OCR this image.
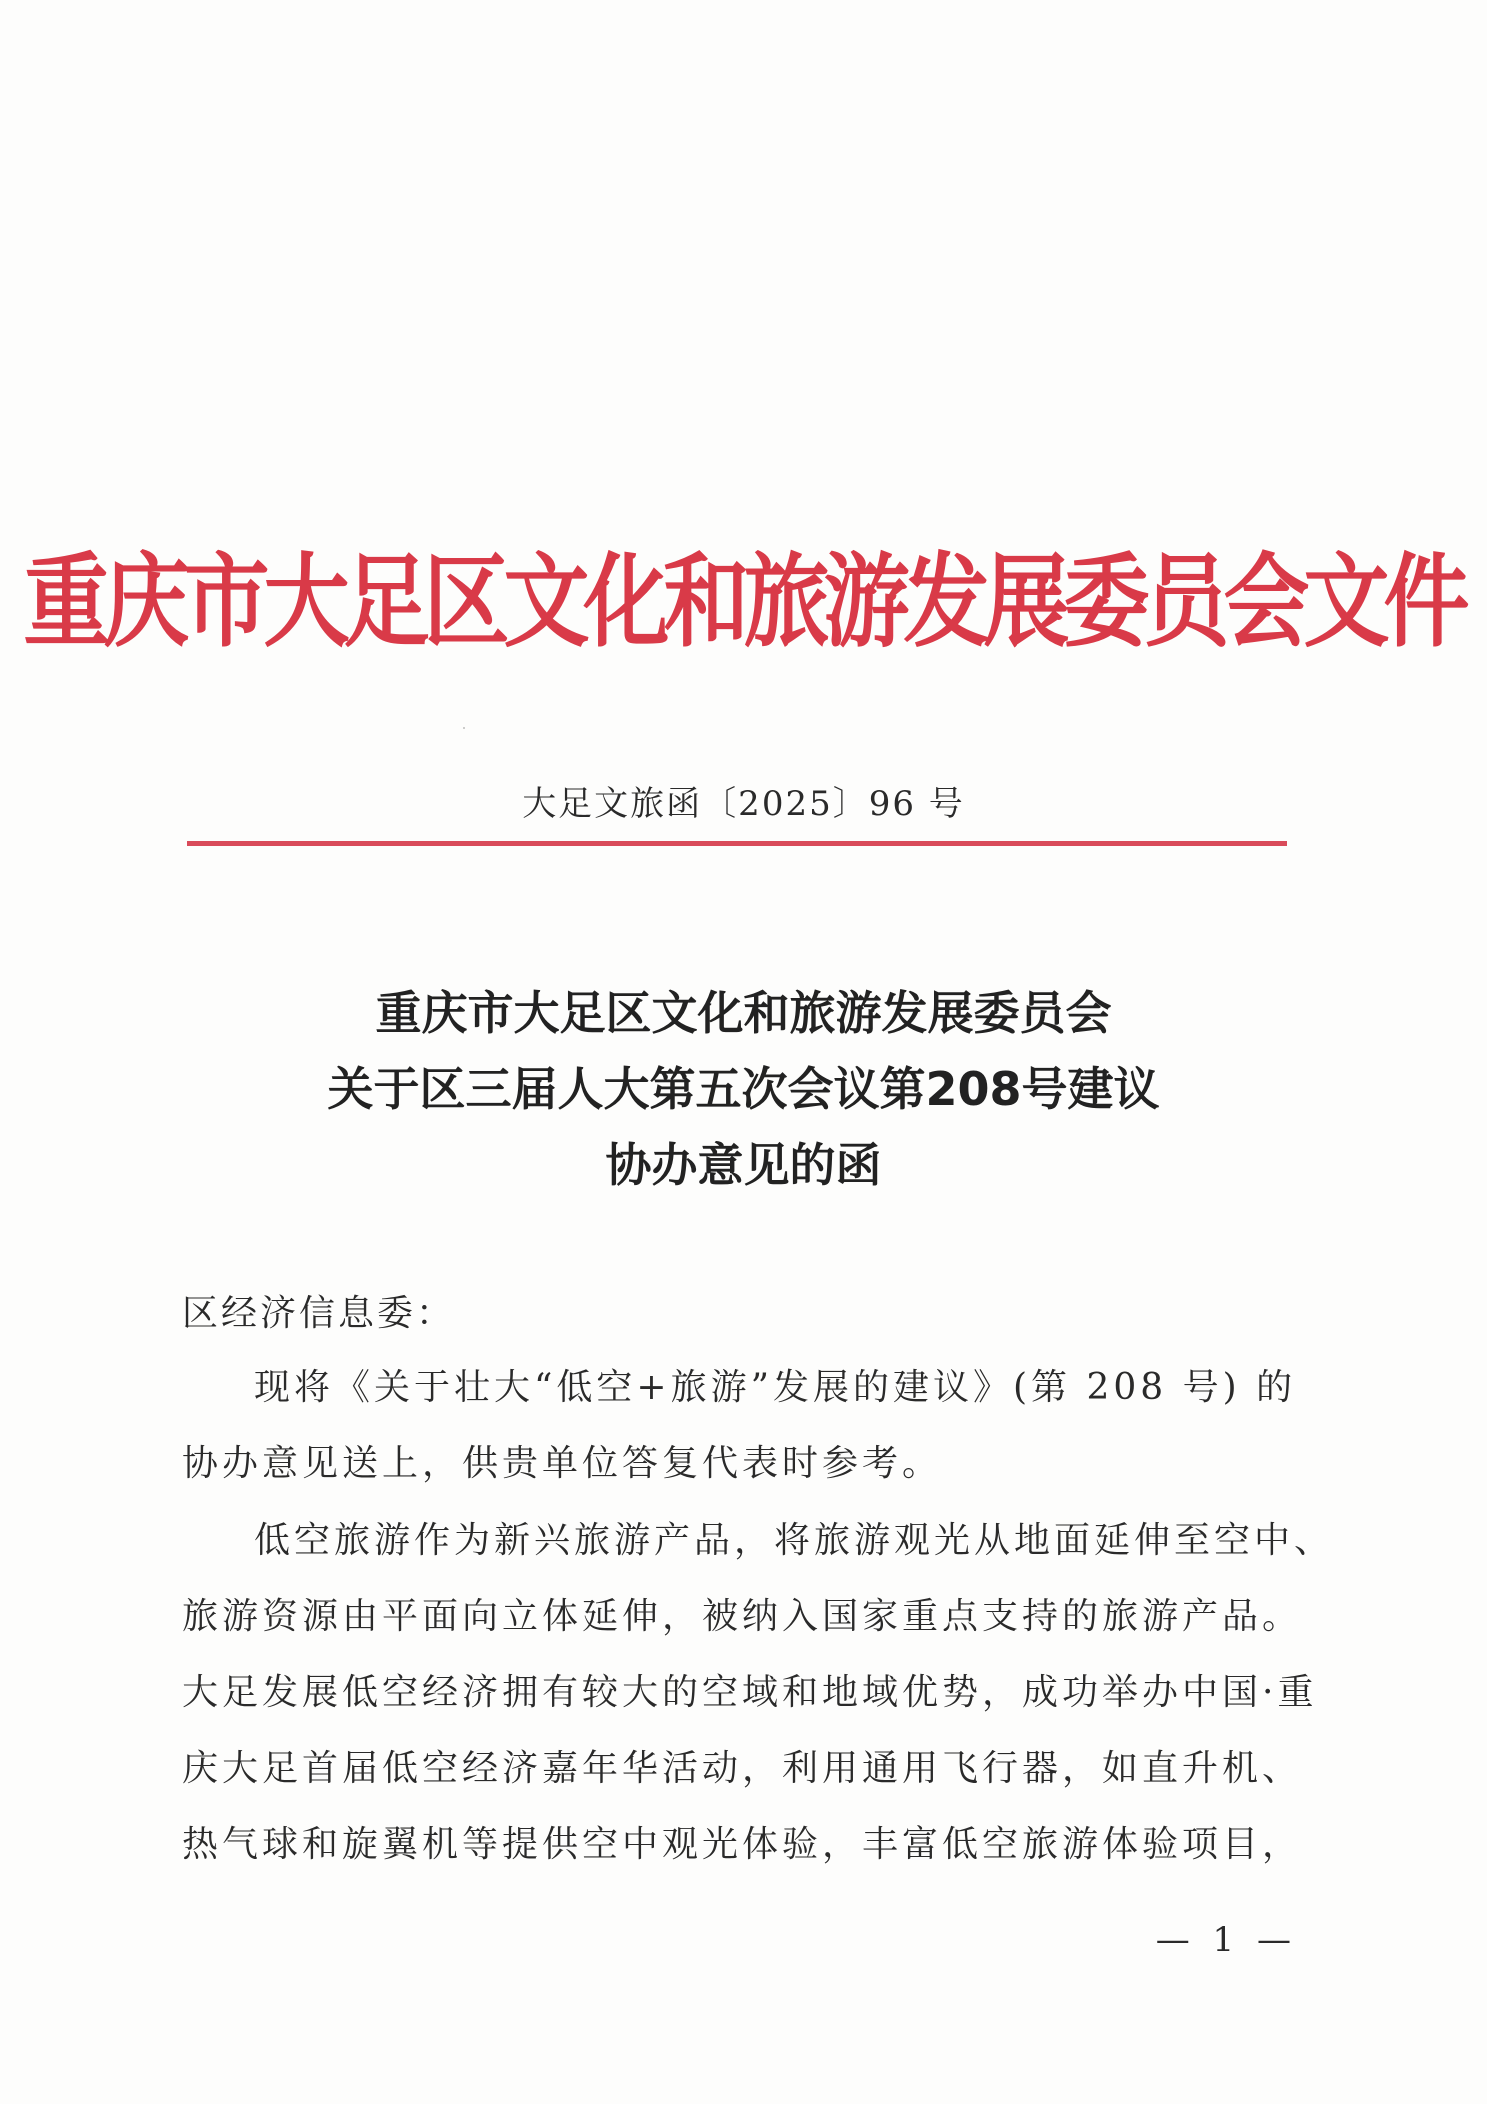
重庆市大足区文化和旅游发展委员会文件
大足文旅函〔2025〕96 号
重庆市大足区文化和旅游发展委员会
关于区三届人大第五次会议第208号建议
协办意见的函
区经济信息委：
现将《关于壮大“低空+旅游”发展的建议》(第 208 号) 的
协办意见送上，供贵单位答复代表时参考。
低空旅游作为新兴旅游产品，将旅游观光从地面延伸至空中、
旅游资源由平面向立体延伸，被纳入国家重点支持的旅游产品。
大足发展低空经济拥有较大的空域和地域优势，成功举办中国·重
庆大足首届低空经济嘉年华活动，利用通用飞行器，如直升机、
热气球和旋翼机等提供空中观光体验，丰富低空旅游体验项目，
— 1 —
